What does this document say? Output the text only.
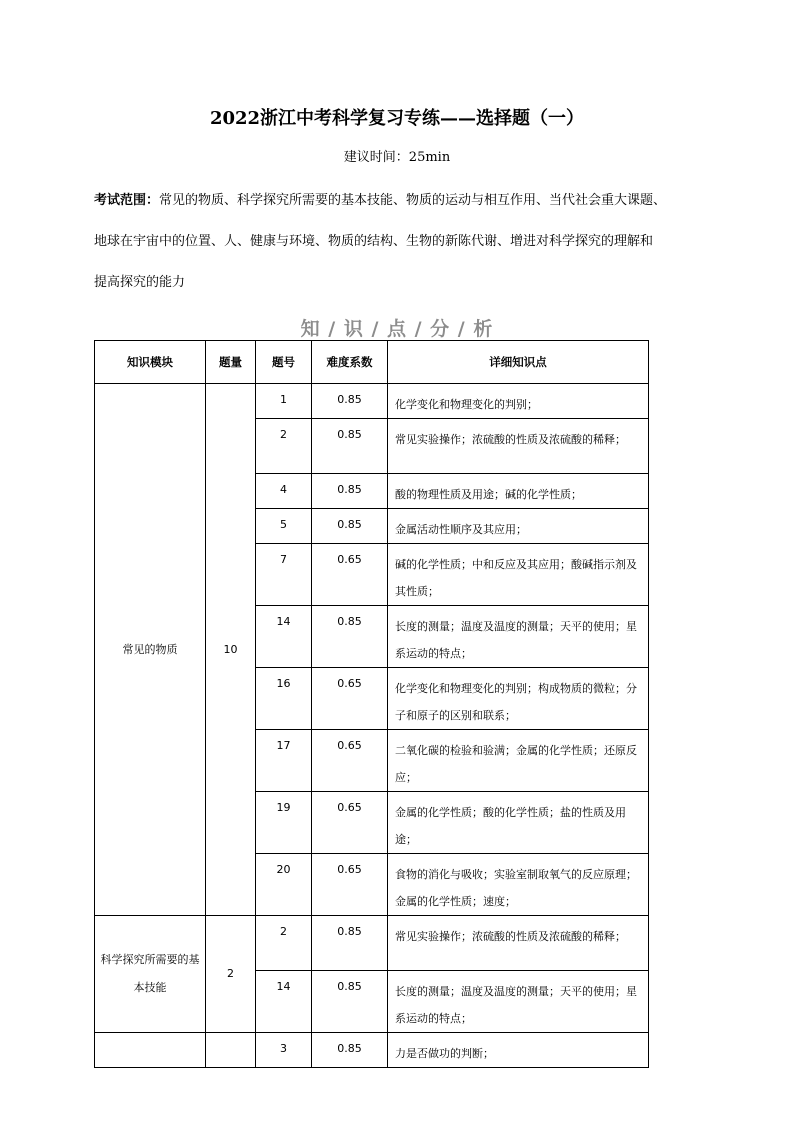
2022浙江中考科学复习专练——选择题（一）
建议时间：25min
考试范围：常见的物质、科学探究所需要的基本技能、物质的运动与相互作用、当代社会重大课题、
地球在宇宙中的位置、人、健康与环境、物质的结构、生物的新陈代谢、增进对科学探究的理解和
提高探究的能力
知 / 识 / 点 / 分 / 析
知识模块	题量	题号	难度系数	详细知识点
常见的物质	10	1	0.85	化学变化和物理变化的判别；
		2	0.85	常见实验操作；浓硫酸的性质及浓硫酸的稀释；
		4	0.85	酸的物理性质及用途；碱的化学性质；
		5	0.85	金属活动性顺序及其应用；
		7	0.65	碱的化学性质；中和反应及其应用；酸碱指示剂及其性质；
		14	0.85	长度的测量；温度及温度的测量；天平的使用；星系运动的特点；
		16	0.65	化学变化和物理变化的判别；构成物质的微粒；分子和原子的区别和联系；
		17	0.65	二氧化碳的检验和验满；金属的化学性质；还原反应；
		19	0.65	金属的化学性质；酸的化学性质；盐的性质及用途；
		20	0.65	食物的消化与吸收；实验室制取氧气的反应原理；金属的化学性质；速度；
科学探究所需要的基本技能	2	2	0.85	常见实验操作；浓硫酸的性质及浓硫酸的稀释；
		14	0.85	长度的测量；温度及温度的测量；天平的使用；星系运动的特点；
		3	0.85	力是否做功的判断；
